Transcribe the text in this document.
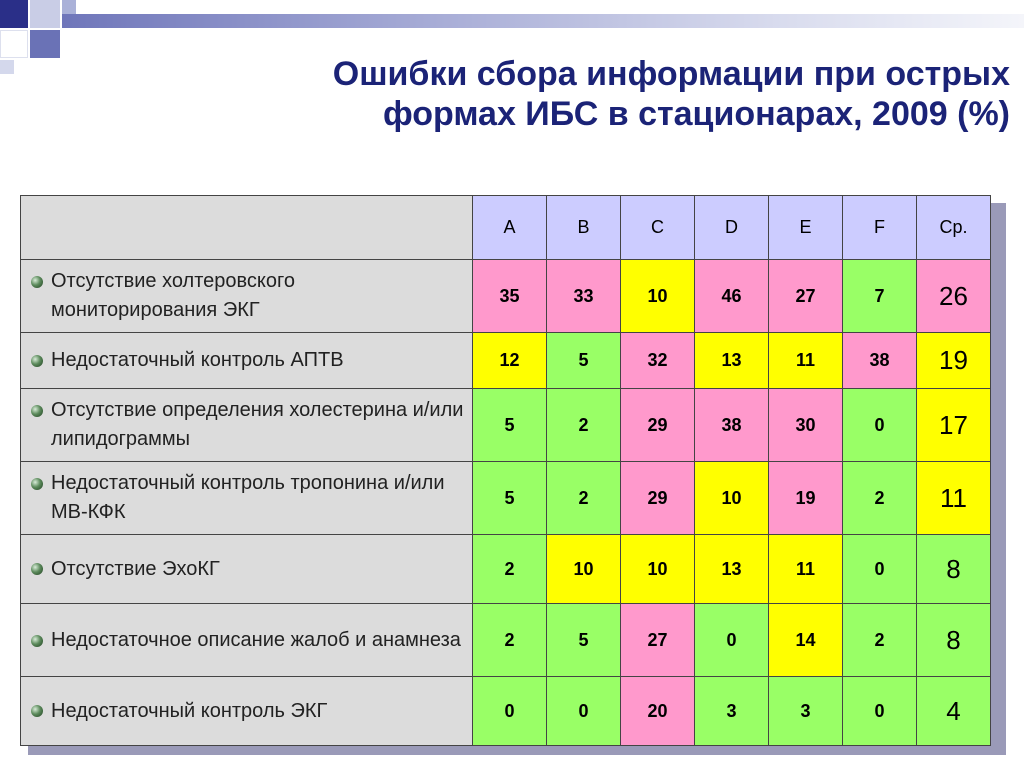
Ошибки сбора информации при острых
формах ИБС в стационарах, 2009 (%)
	A	B	C	D	E	F	Ср.

Отсутствие холтеровского мониторирования ЭКГ	35	33	10	46	27	7	26

Недостаточный контроль АПТВ	12	5	32	13	11	38	19

Отсутствие определения холестерина и/или липидограммы	5	2	29	38	30	0	17

Недостаточный контроль тропонина и/или МВ-КФК	5	2	29	10	19	2	11

Отсутствие ЭхоКГ	2	10	10	13	11	0	8

Недостаточное описание жалоб и анамнеза	2	5	27	0	14	2	8

Недостаточный контроль ЭКГ	0	0	20	3	3	0	4
